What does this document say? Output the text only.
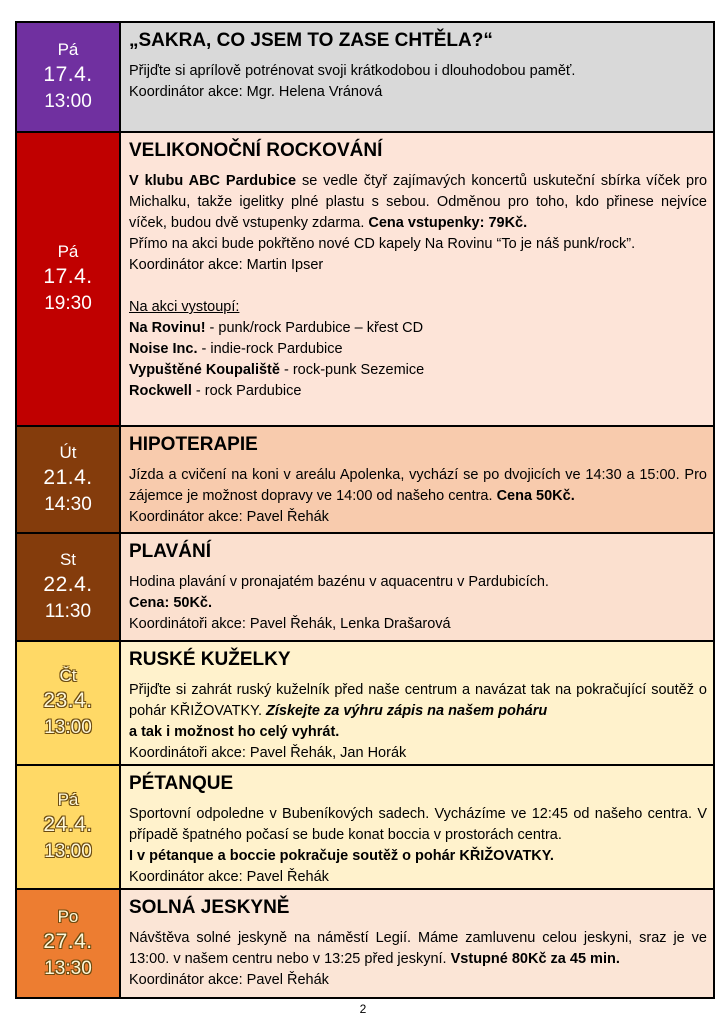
Pá
17.4.
13:00
„SAKRA, CO JSEM TO ZASE CHTĚLA?“

Přijďte si aprílově potrénovat svoji krátkodobou i dlouhodobou paměť.

Koordinátor akce: Mgr. Helena Vránová

Pá
17.4.
19:30
VELIKONOČNÍ ROCKOVÁNÍ

V klubu ABC Pardubice se vedle čtyř zajímavých koncertů uskuteční sbírka víček pro Michalku, takže igelitky plné plastu s sebou. Odměnou pro toho, kdo přinese nejvíce víček, budou dvě vstupenky zdarma. Cena vstupenky: 79Kč.

Přímo na akci bude pokřtěno nové CD kapely Na Rovinu “To je náš punk/rock”.

Koordinátor akce: Martin Ipser

Na akci vystoupí:

Na Rovinu! - punk/rock Pardubice – křest CD

Noise Inc. - indie-rock Pardubice

Vypuštěné Koupaliště - rock-punk Sezemice

Rockwell - rock Pardubice

Út
21.4.
14:30
HIPOTERAPIE

Jízda a cvičení na koni v areálu Apolenka, vychází se po dvojicích ve 14:30 a 15:00. Pro zájemce je možnost dopravy ve 14:00 od našeho centra. Cena 50Kč.

Koordinátor akce: Pavel Řehák

St
22.4.
11:30
PLAVÁNÍ

Hodina plavání v pronajatém bazénu v aquacentru v Pardubicích.

Cena: 50Kč.

Koordinátoři akce: Pavel Řehák, Lenka Drašarová

Čt
23.4.
13:00
RUSKÉ KUŽELKY

Přijďte si zahrát ruský kuželník před naše centrum a navázat tak na pokračující soutěž o pohár KŘIŽOVATKY. Získejte za výhru zápis na našem poháru

a tak i možnost ho celý vyhrát.

Koordinátoři akce: Pavel Řehák, Jan Horák

Pá
24.4.
13:00
PÉTANQUE

Sportovní odpoledne v Bubeníkových sadech. Vycházíme ve 12:45 od našeho centra. V případě špatného počasí se bude konat boccia v prostorách centra.

I v pétanque a boccie pokračuje soutěž o pohár KŘIŽOVATKY.

Koordinátor akce: Pavel Řehák

Po
27.4.
13:30
SOLNÁ JESKYNĚ

Návštěva solné jeskyně na náměstí Legií. Máme zamluvenu celou jeskyni, sraz je ve 13:00. v našem centru nebo v 13:25 před jeskyní. Vstupné 80Kč za 45 min.

Koordinátor akce: Pavel Řehák

2
